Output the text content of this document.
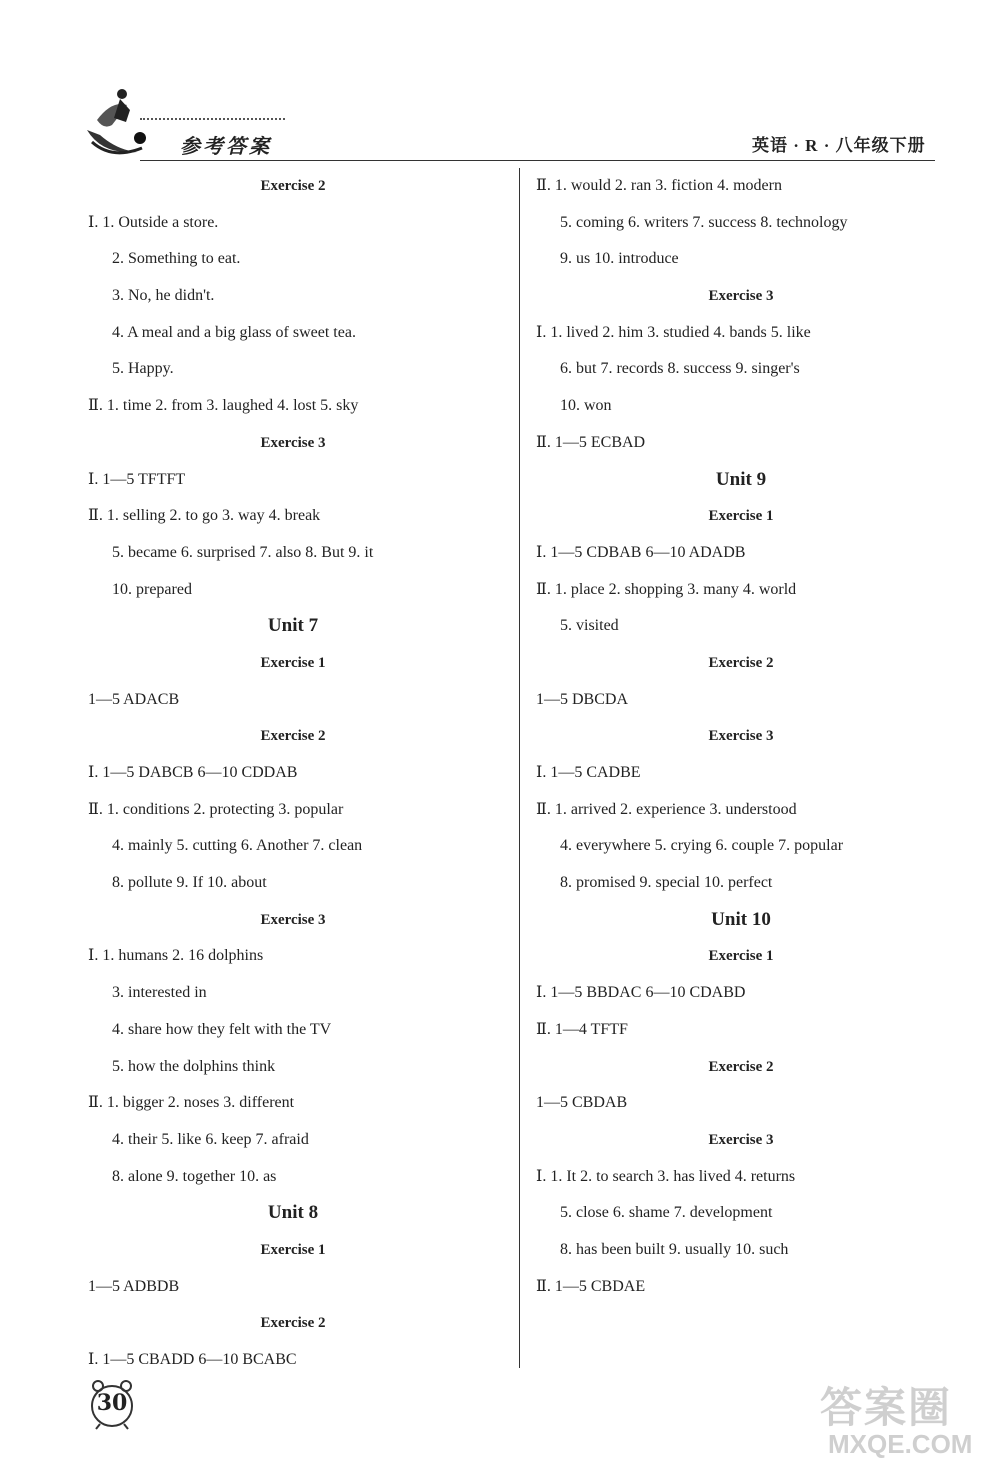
参考答案	英语 · R · 八年级下册
Exercise 2
Ⅰ. 1. Outside a store.
2. Something to eat.
3. No, he didn't.
4. A meal and a big glass of sweet tea.
5. Happy.
Ⅱ. 1. time 2. from 3. laughed 4. lost 5. sky
Exercise 3
Ⅰ. 1—5 TFTFT
Ⅱ. 1. selling 2. to go 3. way 4. break
5. became 6. surprised 7. also 8. But 9. it
10. prepared
Unit 7
Exercise 1
1—5 ADACB
Exercise 2
Ⅰ. 1—5 DABCB 6—10 CDDAB
Ⅱ. 1. conditions 2. protecting 3. popular
4. mainly 5. cutting 6. Another 7. clean
8. pollute 9. If 10. about
Exercise 3
Ⅰ. 1. humans 2. 16 dolphins
3. interested in
4. share how they felt with the TV
5. how the dolphins think
Ⅱ. 1. bigger 2. noses 3. different
4. their 5. like 6. keep 7. afraid
8. alone 9. together 10. as
Unit 8
Exercise 1
1—5 ADBDB
Exercise 2
Ⅰ. 1—5 CBADD 6—10 BCABC
Ⅱ. 1. would 2. ran 3. fiction 4. modern
5. coming 6. writers 7. success 8. technology
9. us 10. introduce
Exercise 3
Ⅰ. 1. lived 2. him 3. studied 4. bands 5. like
6. but 7. records 8. success 9. singer's
10. won
Ⅱ. 1—5 ECBAD
Unit 9
Exercise 1
Ⅰ. 1—5 CDBAB 6—10 ADADB
Ⅱ. 1. place 2. shopping 3. many 4. world
5. visited
Exercise 2
1—5 DBCDA
Exercise 3
Ⅰ. 1—5 CADBE
Ⅱ. 1. arrived 2. experience 3. understood
4. everywhere 5. crying 6. couple 7. popular
8. promised 9. special 10. perfect
Unit 10
Exercise 1
Ⅰ. 1—5 BBDAC 6—10 CDABD
Ⅱ. 1—4 TFTF
Exercise 2
1—5 CBDAB
Exercise 3
Ⅰ. 1. It 2. to search 3. has lived 4. returns
5. close 6. shame 7. development
8. has been built 9. usually 10. such
Ⅱ. 1—5 CBDAE
30	答案圈
MXQE.COM
